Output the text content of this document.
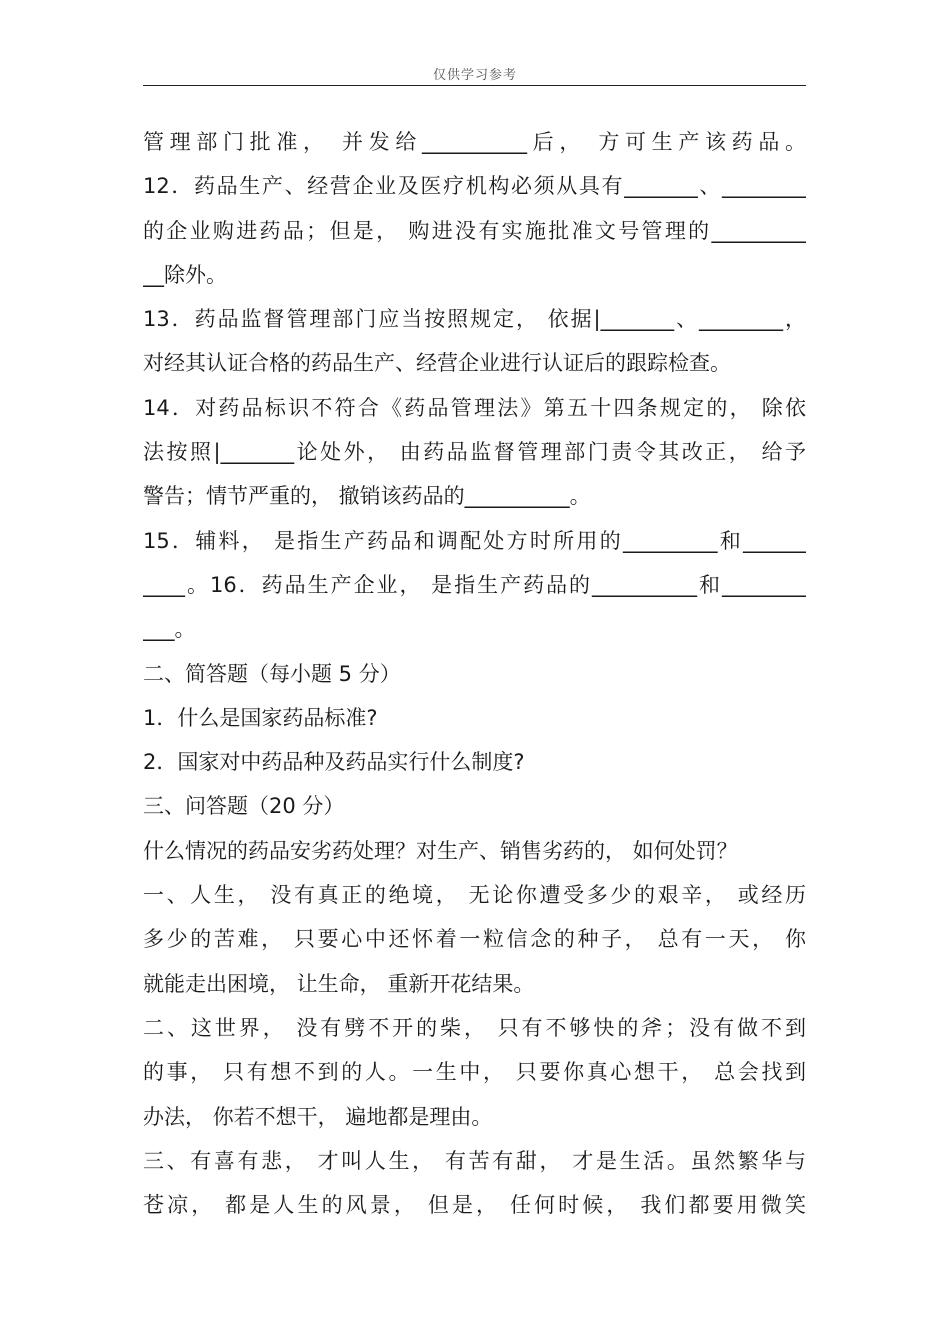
仅供学习参考
管理部门批准， 并发给__________后， 方可生产该药品。
12．药品生产、经营企业及医疗机构必须从具有_______、________
的企业购进药品；但是， 购进没有实施批准文号管理的_________
__除外。
13．药品监督管理部门应当按照规定， 依据|_______、________，
对经其认证合格的药品生产、经营企业进行认证后的跟踪检查。
14．对药品标识不符合《药品管理法》第五十四条规定的， 除依
法按照|_______论处外， 由药品监督管理部门责令其改正， 给予
警告；情节严重的， 撤销该药品的__________。
15．辅料， 是指生产药品和调配处方时所用的_________和______
____。16．药品生产企业， 是指生产药品的__________和________
___。
二、简答题（每小题 5 分）
1．什么是国家药品标准?
2．国家对中药品种及药品实行什么制度?
三、问答题（20 分）
什么情况的药品安劣药处理？对生产、销售劣药的， 如何处罚？
一、人生， 没有真正的绝境， 无论你遭受多少的艰辛， 或经历
多少的苦难， 只要心中还怀着一粒信念的种子， 总有一天， 你
就能走出困境， 让生命， 重新开花结果。
二、这世界， 没有劈不开的柴， 只有不够快的斧；没有做不到
的事， 只有想不到的人。一生中， 只要你真心想干， 总会找到
办法， 你若不想干， 遍地都是理由。
三、有喜有悲， 才叫人生， 有苦有甜， 才是生活。虽然繁华与
苍凉， 都是人生的风景， 但是， 任何时候， 我们都要用微笑
